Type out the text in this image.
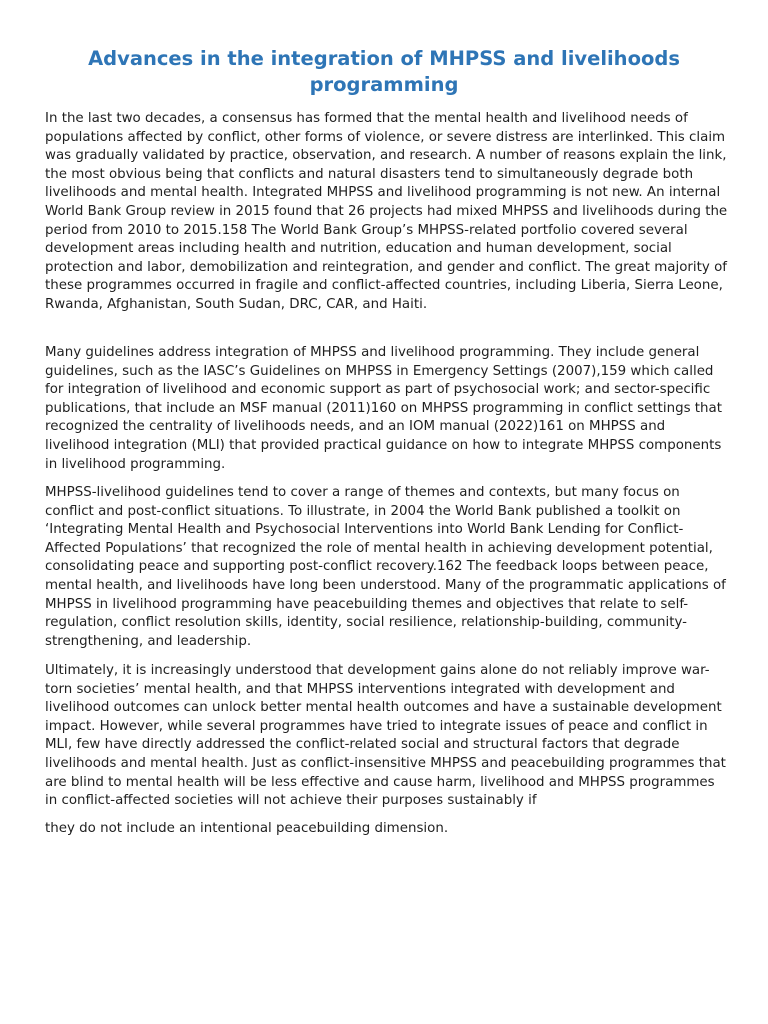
Advances in the integration of MHPSS and livelihoods programming

In the last two decades, a consensus has formed that the mental health and livelihood needs of populations affected by conflict, other forms of violence, or severe distress are interlinked. This claim was gradually validated by practice, observation, and research. A number of reasons explain the link, the most obvious being that conflicts and natural disasters tend to simultaneously degrade both livelihoods and mental health. Integrated MHPSS and livelihood programming is not new. An internal World Bank Group review in 2015 found that 26 projects had mixed MHPSS and livelihoods during the period from 2010 to 2015.158 The World Bank Group’s MHPSS-related portfolio covered several development areas including health and nutrition, education and human development, social protection and labor, demobilization and reintegration, and gender and conflict. The great majority of these programmes occurred in fragile and conflict-affected countries, including Liberia, Sierra Leone, Rwanda, Afghanistan, South Sudan, DRC, CAR, and Haiti.

Many guidelines address integration of MHPSS and livelihood programming. They include general guidelines, such as the IASC’s Guidelines on MHPSS in Emergency Settings (2007),159 which called for integration of livelihood and economic support as part of psychosocial work; and sector-specific publications, that include an MSF manual (2011)160 on MHPSS programming in conflict settings that recognized the centrality of livelihoods needs, and an IOM manual (2022)161 on MHPSS and livelihood integration (MLI) that provided practical guidance on how to integrate MHPSS components in livelihood programming.

MHPSS-livelihood guidelines tend to cover a range of themes and contexts, but many focus on conflict and post-conflict situations. To illustrate, in 2004 the World Bank published a toolkit on ‘Integrating Mental Health and Psychosocial Interventions into World Bank Lending for Conflict-Affected Populations’ that recognized the role of mental health in achieving development potential, consolidating peace and supporting post-conflict recovery.162 The feedback loops between peace, mental health, and livelihoods have long been understood. Many of the programmatic applications of MHPSS in livelihood programming have peacebuilding themes and objectives that relate to self-regulation, conflict resolution skills, identity, social resilience, relationship-building, community-strengthening, and leadership.

Ultimately, it is increasingly understood that development gains alone do not reliably improve war-torn societies’ mental health, and that MHPSS interventions integrated with development and livelihood outcomes can unlock better mental health outcomes and have a sustainable development impact. However, while several programmes have tried to integrate issues of peace and conflict in MLI, few have directly addressed the conflict-related social and structural factors that degrade livelihoods and mental health. Just as conflict-insensitive MHPSS and peacebuilding programmes that are blind to mental health will be less effective and cause harm, livelihood and MHPSS programmes in conflict-affected societies will not achieve their purposes sustainably if

they do not include an intentional peacebuilding dimension.
